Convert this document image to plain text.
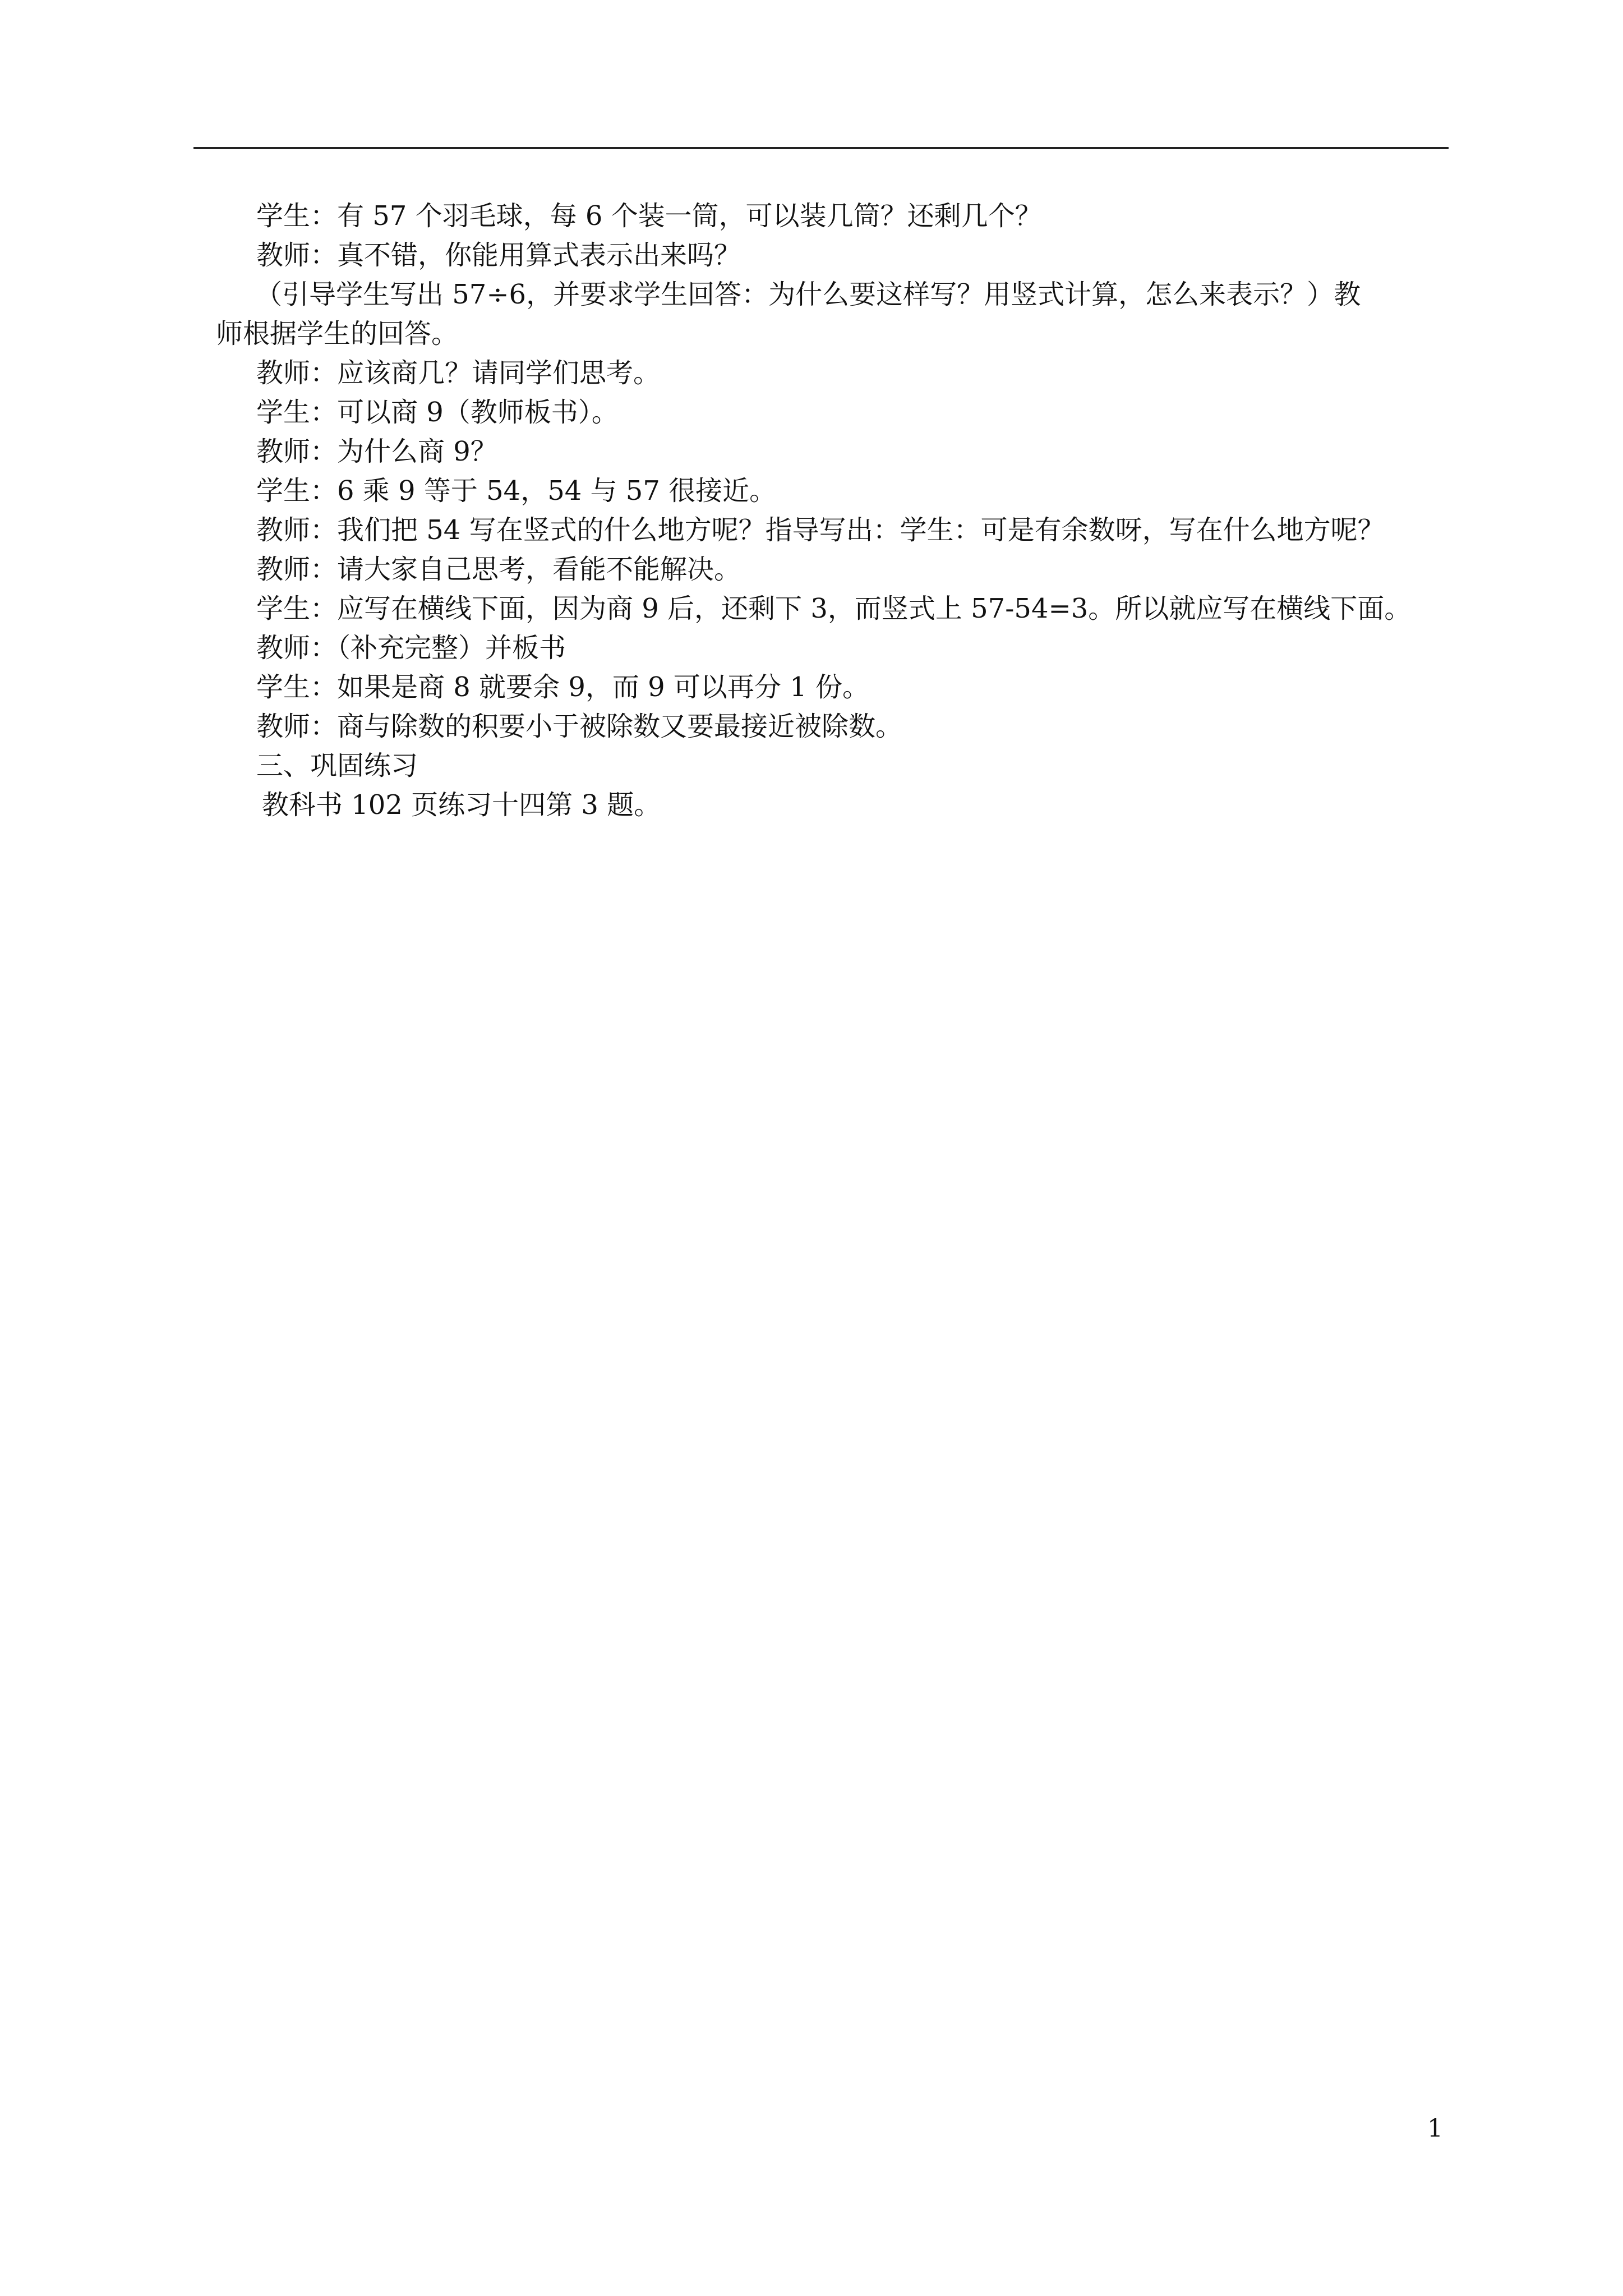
学生：有 57 个羽毛球，每 6 个装一筒，可以装几筒？还剩几个？

教师：真不错，你能用算式表示出来吗？

（引导学生写出 57÷6，并要求学生回答：为什么要这样写？用竖式计算，怎么来表示？）教

师根据学生的回答。

教师：应该商几？请同学们思考。

学生：可以商 9（教师板书）。

教师：为什么商 9？

学生：6 乘 9 等于 54，54 与 57 很接近。

教师：我们把 54 写在竖式的什么地方呢？指导写出：学生：可是有余数呀，写在什么地方呢？

教师：请大家自己思考，看能不能解决。

学生：应写在横线下面，因为商 9 后，还剩下 3，而竖式上 57-54=3。所以就应写在横线下面。

教师：（补充完整）并板书

学生：如果是商 8 就要余 9，而 9 可以再分 1 份。

教师：商与除数的积要小于被除数又要最接近被除数。

三、巩固练习

教科书 102 页练习十四第 3 题。

1
